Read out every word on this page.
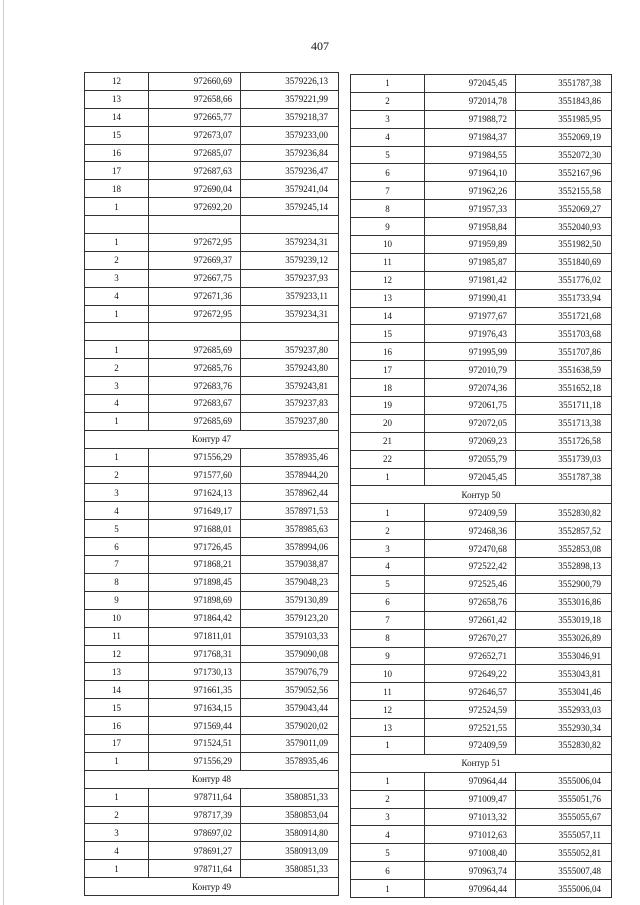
407
12	972660,69	3579226,13
13	972658,66	3579221,99
14	972665,77	3579218,37
15	972673,07	3579233,00
16	972685,07	3579236,84
17	972687,63	3579236,47
18	972690,04	3579241,04
1	972692,20	3579245,14

1	972672,95	3579234,31
2	972669,37	3579239,12
3	972667,75	3579237,93
4	972671,36	3579233,11
1	972672,95	3579234,31

1	972685,69	3579237,80
2	972685,76	3579243,80
3	972683,76	3579243,81
4	972683,67	3579237,83
1	972685,69	3579237,80
Контур 47		
1	971556,29	3578935,46
2	971577,60	3578944,20
3	971624,13	3578962,44
4	971649,17	3578971,53
5	971688,01	3578985,63
6	971726,45	3578994,06
7	971868,21	3579038,87
8	971898,45	3579048,23
9	971898,69	3579130,89
10	971864,42	3579123,20
11	971811,01	3579103,33
12	971768,31	3579090,08
13	971730,13	3579076,79
14	971661,35	3579052,56
15	971634,15	3579043,44
16	971569,44	3579020,02
17	971524,51	3579011,09
1	971556,29	3578935,46
Контур 48		
1	978711,64	3580851,33
2	978717,39	3580853,04
3	978697,02	3580914,80
4	978691,27	3580913,09
1	978711,64	3580851,33
Контур 49		
1	972045,45	3551787,38
2	972014,78	3551843,86
3	971988,72	3551985,95
4	971984,37	3552069,19
5	971984,55	3552072,30
6	971964,10	3552167,96
7	971962,26	3552155,58
8	971957,33	3552069,27
9	971958,84	3552040,93
10	971959,89	3551982,50
11	971985,87	3551840,69
12	971981,42	3551776,02
13	971990,41	3551733,94
14	971977,67	3551721,68
15	971976,43	3551703,68
16	971995,99	3551707,86
17	972010,79	3551638,59
18	972074,36	3551652,18
19	972061,75	3551711,18
20	972072,05	3551713,38
21	972069,23	3551726,58
22	972055,79	3551739,03
1	972045,45	3551787,38
Контур 50		
1	972409,59	3552830,82
2	972468,36	3552857,52
3	972470,68	3552853,08
4	972522,42	3552898,13
5	972525,46	3552900,79
6	972658,76	3553016,86
7	972661,42	3553019,18
8	972670,27	3553026,89
9	972652,71	3553046,91
10	972649,22	3553043,81
11	972646,57	3553041,46
12	972524,59	3552933,03
13	972521,55	3552930,34
1	972409,59	3552830,82
Контур 51		
1	970964,44	3555006,04
2	971009,47	3555051,76
3	971013,32	3555055,67
4	971012,63	3555057,11
5	971008,40	3555052,81
6	970963,74	3555007,48
1	970964,44	3555006,04
